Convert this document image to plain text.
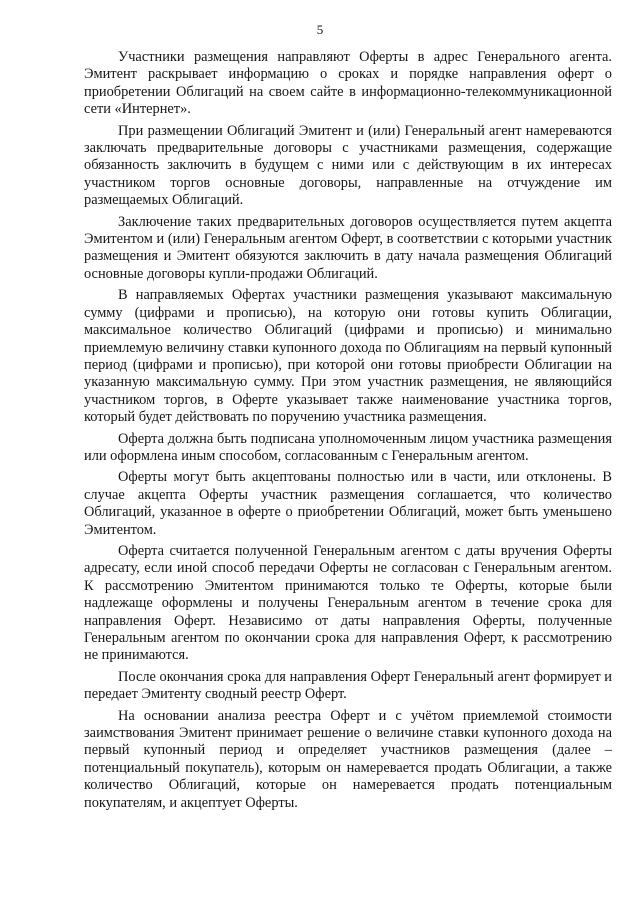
5

Участники размещения направляют Оферты в адрес Генерального агента. Эмитент раскрывает информацию о сроках и порядке направления оферт о приобретении Облигаций на своем сайте в информационно-телекоммуникационной сети «Интернет».

При размещении Облигаций Эмитент и (или) Генеральный агент намереваются заключать предварительные договоры с участниками размещения, содержащие обязанность заключить в будущем с ними или с действующим в их интересах участником торгов основные договоры, направленные на отчуждение им размещаемых Облигаций.

Заключение таких предварительных договоров осуществляется путем акцепта Эмитентом и (или) Генеральным агентом Оферт, в соответствии с которыми участник размещения и Эмитент обязуются заключить в дату начала размещения Облигаций основные договоры купли-продажи Облигаций.

В направляемых Офертах участники размещения указывают максимальную сумму (цифрами и прописью), на которую они готовы купить Облигации, максимальное количество Облигаций (цифрами и прописью) и минимально приемлемую величину ставки купонного дохода по Облигациям на первый купонный период (цифрами и прописью), при которой они готовы приобрести Облигации на указанную максимальную сумму. При этом участник размещения, не являющийся участником торгов, в Оферте указывает также наименование участника торгов, который будет действовать по поручению участника размещения.

Оферта должна быть подписана уполномоченным лицом участника размещения или оформлена иным способом, согласованным с Генеральным агентом.

Оферты могут быть акцептованы полностью или в части, или отклонены. В случае акцепта Оферты участник размещения соглашается, что количество Облигаций, указанное в оферте о приобретении Облигаций, может быть уменьшено Эмитентом.

Оферта считается полученной Генеральным агентом с даты вручения Оферты адресату, если иной способ передачи Оферты не согласован с Генеральным агентом. К рассмотрению Эмитентом принимаются только те Оферты, которые были надлежаще оформлены и получены Генеральным агентом в течение срока для направления Оферт. Независимо от даты направления Оферты, полученные Генеральным агентом по окончании срока для направления Оферт, к рассмотрению не принимаются.

После окончания срока для направления Оферт Генеральный агент формирует и передает Эмитенту сводный реестр Оферт.

На основании анализа реестра Оферт и с учётом приемлемой стоимости заимствования Эмитент принимает решение о величине ставки купонного дохода на первый купонный период и определяет участников размещения (далее – потенциальный покупатель), которым он намеревается продать Облигации, а также количество Облигаций, которые он намеревается продать потенциальным покупателям, и акцептует Оферты.
